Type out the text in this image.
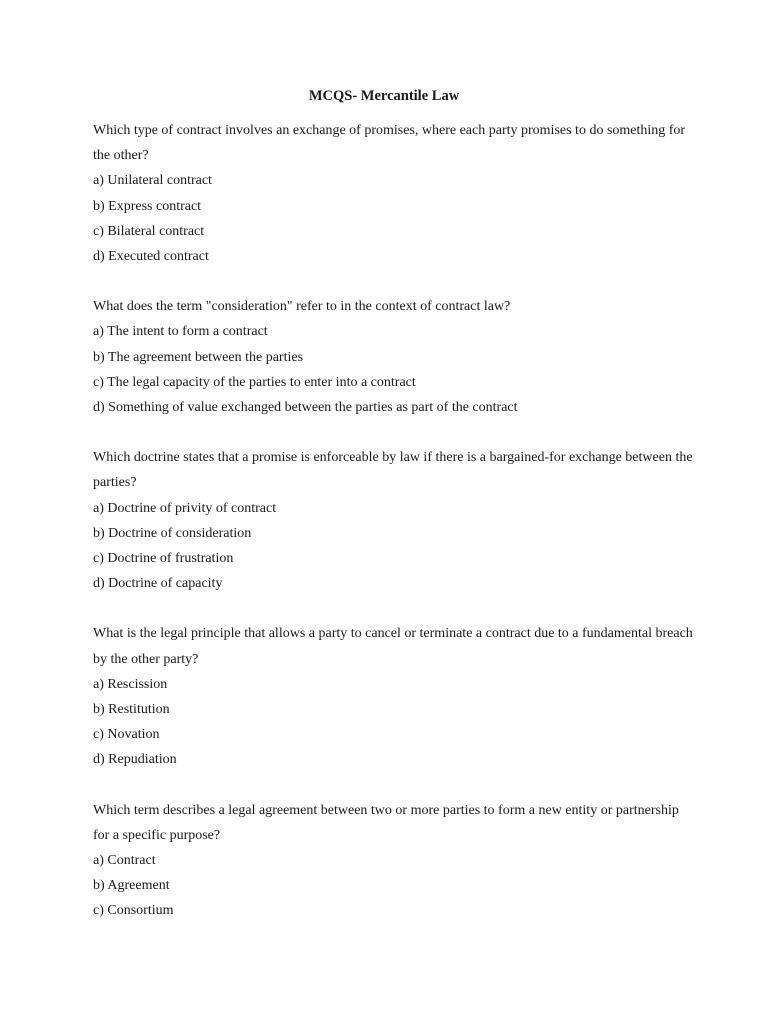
MCQS- Mercantile Law

Which type of contract involves an exchange of promises, where each party promises to do something for the other?

a) Unilateral contract
b) Express contract
c) Bilateral contract
d) Executed contract

What does the term "consideration" refer to in the context of contract law?

a) The intent to form a contract
b) The agreement between the parties
c) The legal capacity of the parties to enter into a contract
d) Something of value exchanged between the parties as part of the contract

Which doctrine states that a promise is enforceable by law if there is a bargained-for exchange between the parties?

a) Doctrine of privity of contract
b) Doctrine of consideration
c) Doctrine of frustration
d) Doctrine of capacity

What is the legal principle that allows a party to cancel or terminate a contract due to a fundamental breach by the other party?

a) Rescission
b) Restitution
c) Novation
d) Repudiation

Which term describes a legal agreement between two or more parties to form a new entity or partnership for a specific purpose?

a) Contract
b) Agreement
c) Consortium
